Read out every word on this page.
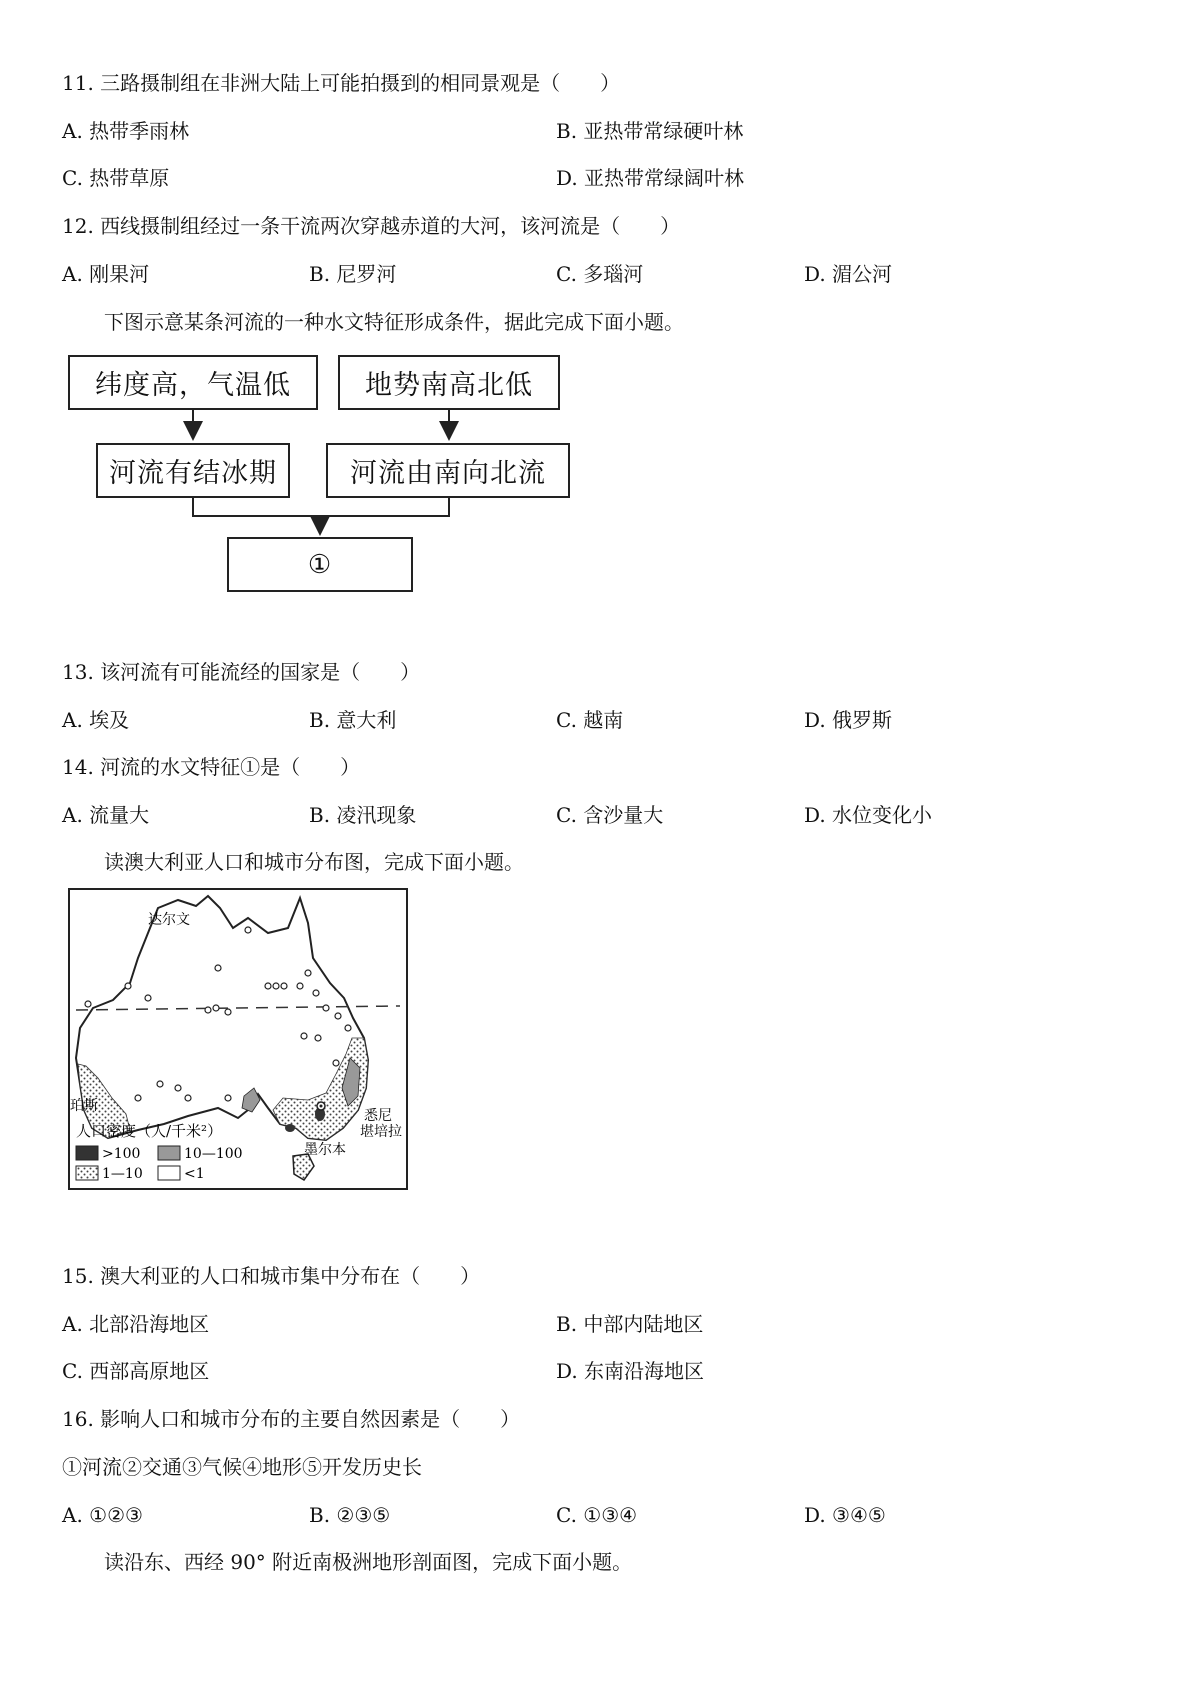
11. 三路摄制组在非洲大陆上可能拍摄到的相同景观是（　　）
A. 热带季雨林	B. 亚热带常绿硬叶林
C. 热带草原	D. 亚热带常绿阔叶林
12. 西线摄制组经过一条干流两次穿越赤道的大河，该河流是（　　）
A. 刚果河	B. 尼罗河	C. 多瑙河	D. 湄公河
下图示意某条河流的一种水文特征形成条件，据此完成下面小题。
纬度高，气温低	地势南高北低
河流有结冰期	河流由南向北流
①
13. 该河流有可能流经的国家是（　　）
A. 埃及	B. 意大利	C. 越南	D. 俄罗斯
14. 河流的水文特征①是（　　）
A. 流量大	B. 凌汛现象	C. 含沙量大	D. 水位变化小
读澳大利亚人口和城市分布图，完成下面小题。
达尔文
珀斯
悉尼
堪培拉
墨尔本
人口密度（人/千米²）
>100	10—100
1—10	<1
15. 澳大利亚的人口和城市集中分布在（　　）
A. 北部沿海地区	B. 中部内陆地区
C. 西部高原地区	D. 东南沿海地区
16. 影响人口和城市分布的主要自然因素是（　　）
①河流②交通③气候④地形⑤开发历史长
A. ①②③	B. ②③⑤	C. ①③④	D. ③④⑤
读沿东、西经 90° 附近南极洲地形剖面图，完成下面小题。
